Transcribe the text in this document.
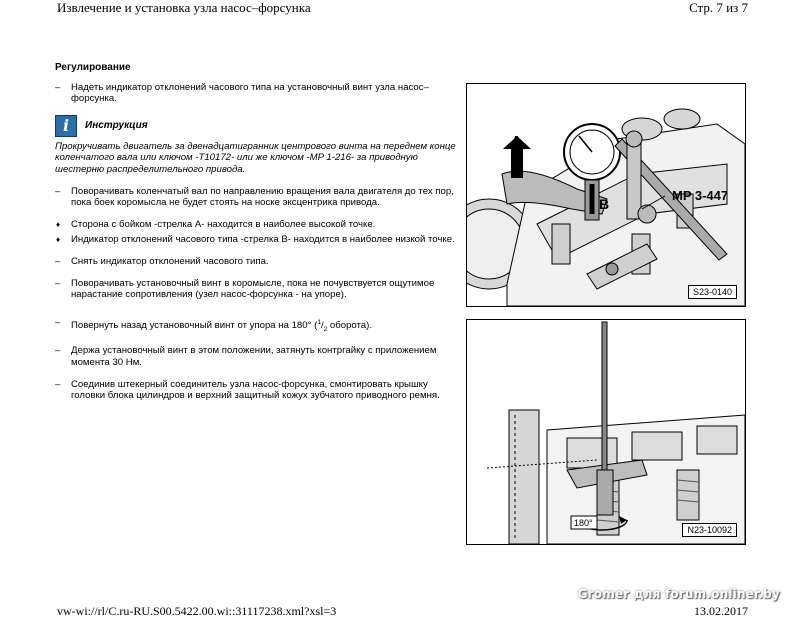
Извлечение и установка узла насос–форсунка	Стр. 7 из 7
Регулирование
– Надеть индикатор отклонений часового типа на установочный винт узла насос–форсунка.
i	Инструкция
Прокручивать двигатель за двенадцатигранник центрового винта на переднем конце коленчатого вала или ключом -T10172- или же ключом -MP 1-216- за приводную шестерню распределительного привода.
– Поворачивать коленчатый вал по направлению вращения вала двигателя до тех пор, пока боек коромысла не будет стоять на носке эксцентрика привода.
♦ Сторона с бойком -стрелка A- находится в наиболее высокой точке.
♦ Индикатор отклонений часового типа -стрелка B- находится в наиболее низкой точке.
– Снять индикатор отклонений часового типа.
– Поворачивать установочный винт в коромысле, пока не почувствуется ощутимое нарастание сопротивления (узел насос-форсунка - на упоре).
– Повернуть назад установочный винт от упора на 180° ($^1/_2$ оборота).
– Держа установочный винт в этом положении, затянуть контргайку с приложением момента 30 Нм.
– Соединив штекерный соединитель узла насос-форсунка, смонтировать крышку головки блока цилиндров и верхний защитный кожух зубчатого приводного ремня.
A
B
MP 3-447
S23-0140
180°
N23-10092
vw-wi://rl/C.ru-RU.S00.5422.00.wi::31117238.xml?xsl=3	13.02.2017
Gromer для forum.onliner.by
